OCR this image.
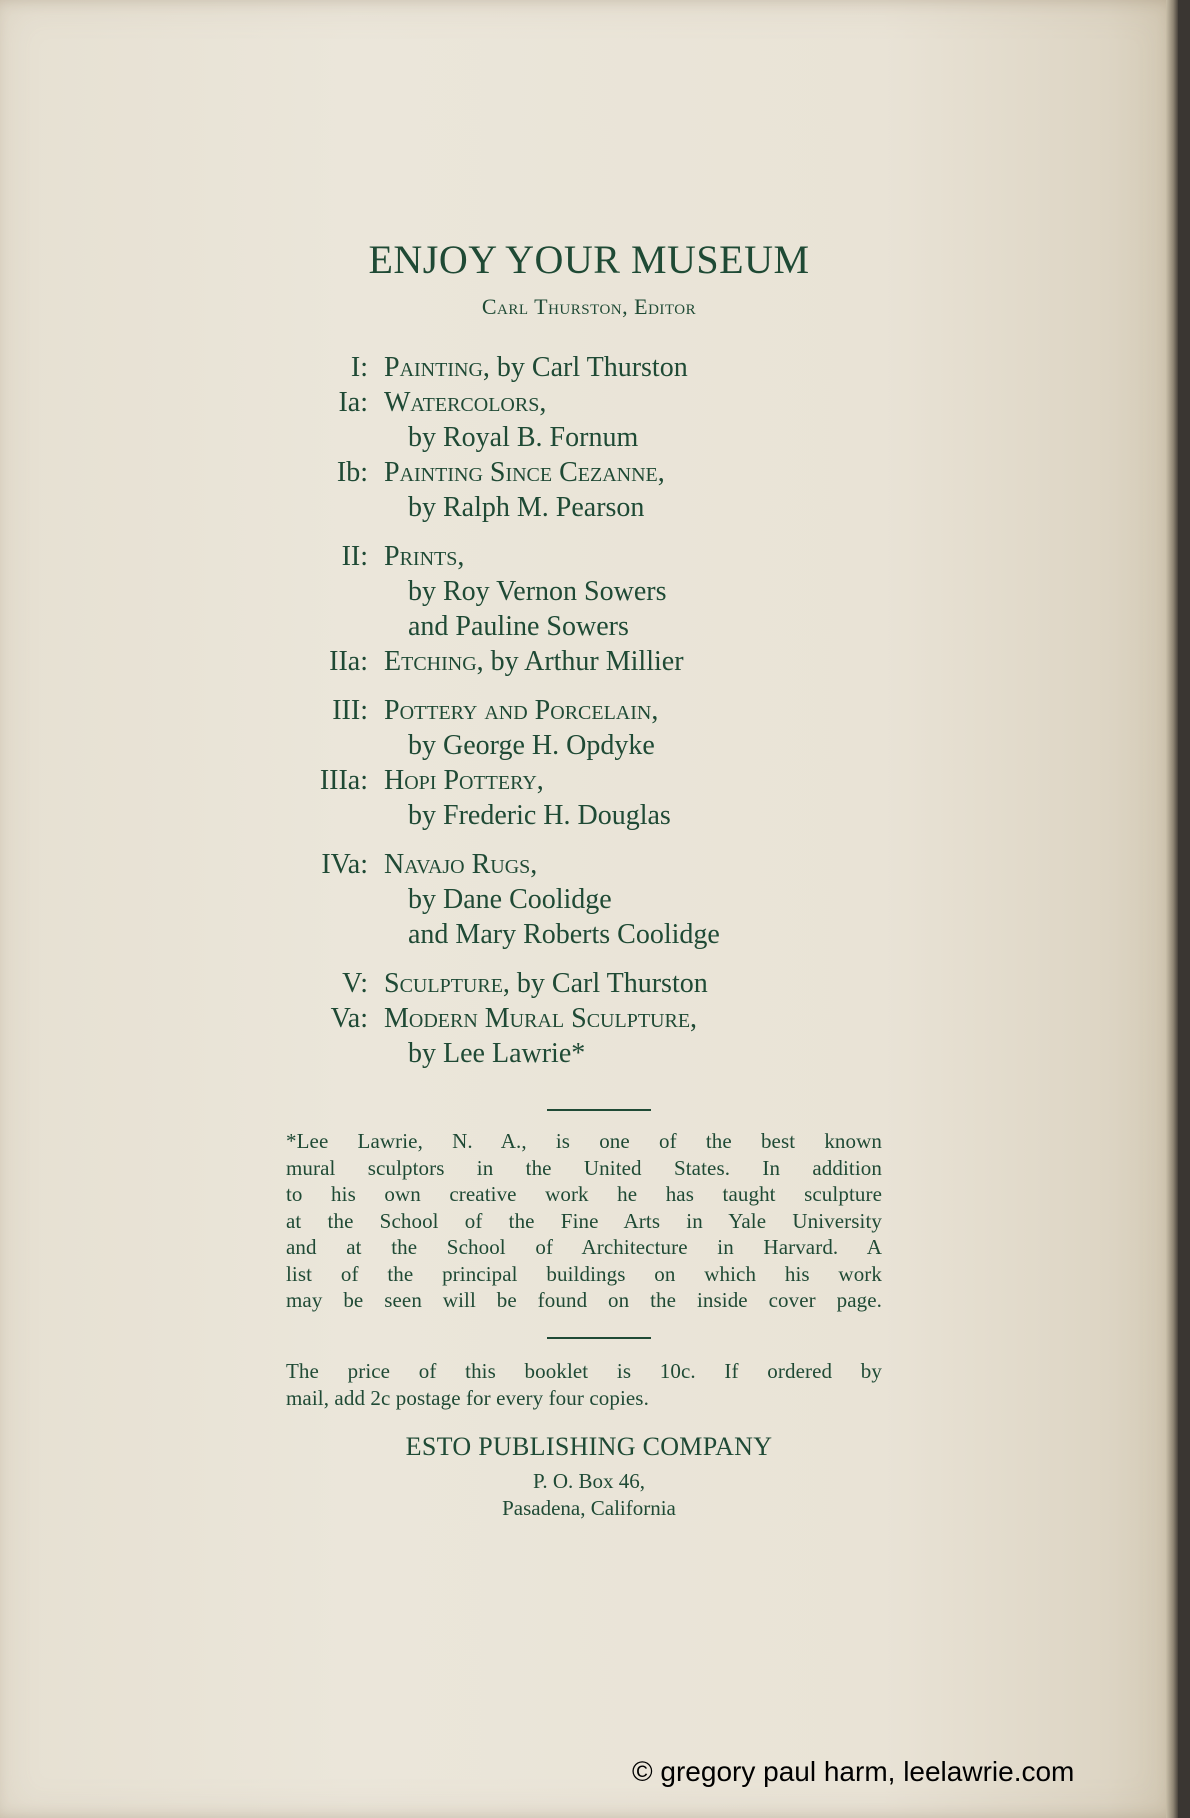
ENJOY YOUR MUSEUM
Carl Thurston, Editor
I: Painting, by Carl Thurston
Ia: Watercolors,
by Royal B. Fornum
Ib: Painting Since Cezanne,
by Ralph M. Pearson
II: Prints,
by Roy Vernon Sowers
and Pauline Sowers
IIa: Etching, by Arthur Millier
III: Pottery and Porcelain,
by George H. Opdyke
IIIa: Hopi Pottery,
by Frederic H. Douglas
IVa: Navajo Rugs,
by Dane Coolidge
and Mary Roberts Coolidge
V: Sculpture, by Carl Thurston
Va: Modern Mural Sculpture,
by Lee Lawrie*
*Lee Lawrie, N. A., is one of the best known
mural sculptors in the United States. In addition
to his own creative work he has taught sculpture
at the School of the Fine Arts in Yale University
and at the School of Architecture in Harvard. A
list of the principal buildings on which his work
may be seen will be found on the inside cover page.
The price of this booklet is 10c. If ordered by
mail, add 2c postage for every four copies.
ESTO PUBLISHING COMPANY
P. O. Box 46,
Pasadena, California
© gregory paul harm, leelawrie.com
